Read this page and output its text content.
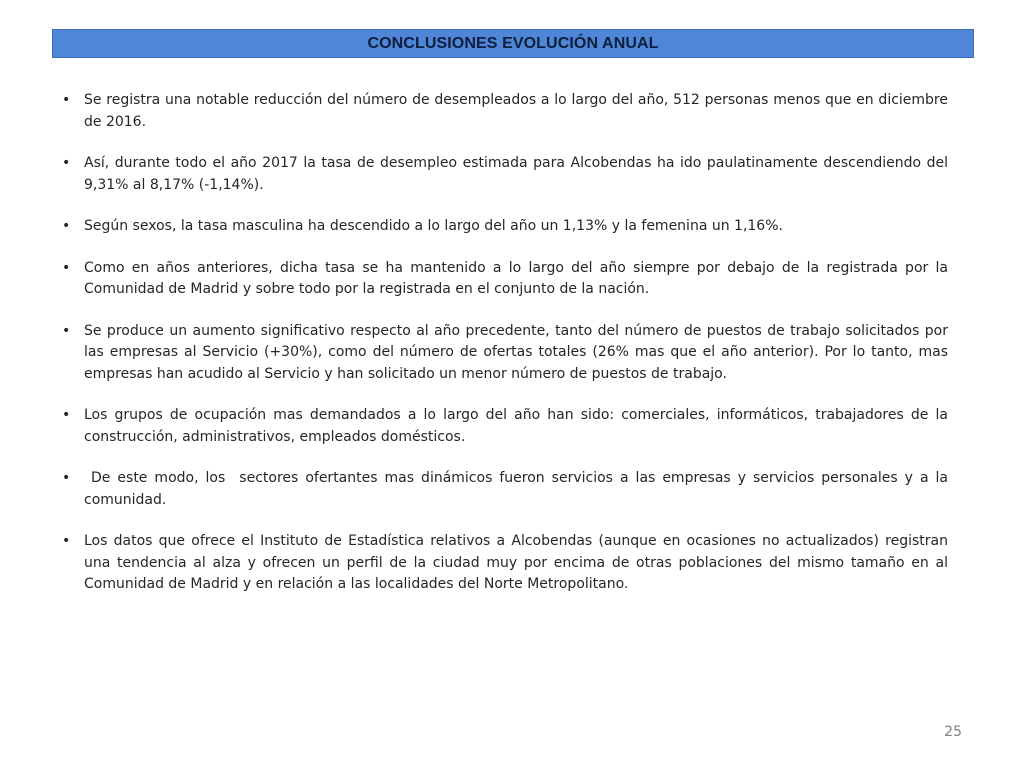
CONCLUSIONES EVOLUCIÓN ANUAL
• Se registra una notable reducción del número de desempleados a lo largo del año, 512 personas menos que en diciembre de 2016.
• Así, durante todo el año 2017 la tasa de desempleo estimada para Alcobendas ha ido paulatinamente descendiendo del 9,31% al 8,17% (-1,14%).
• Según sexos, la tasa masculina ha descendido a lo largo del año un 1,13% y la femenina un 1,16%.
• Como en años anteriores, dicha tasa se ha mantenido a lo largo del año siempre por debajo de la registrada por la Comunidad de Madrid y sobre todo por la registrada en el conjunto de la nación.
• Se produce un aumento significativo respecto al año precedente, tanto del número de puestos de trabajo solicitados por las empresas al Servicio (+30%), como del número de ofertas totales (26% mas que el año anterior). Por lo tanto, mas empresas han acudido al Servicio y han solicitado un menor número de puestos de trabajo.
• Los grupos de ocupación mas demandados a lo largo del año han sido: comerciales, informáticos, trabajadores de la construcción, administrativos, empleados domésticos.
• De este modo, los  sectores ofertantes mas dinámicos fueron servicios a las empresas y servicios personales y a la comunidad.
• Los datos que ofrece el Instituto de Estadística relativos a Alcobendas (aunque en ocasiones no actualizados) registran una tendencia al alza y ofrecen un perfil de la ciudad muy por encima de otras poblaciones del mismo tamaño en al Comunidad de Madrid y en relación a las localidades del Norte Metropolitano.
25
